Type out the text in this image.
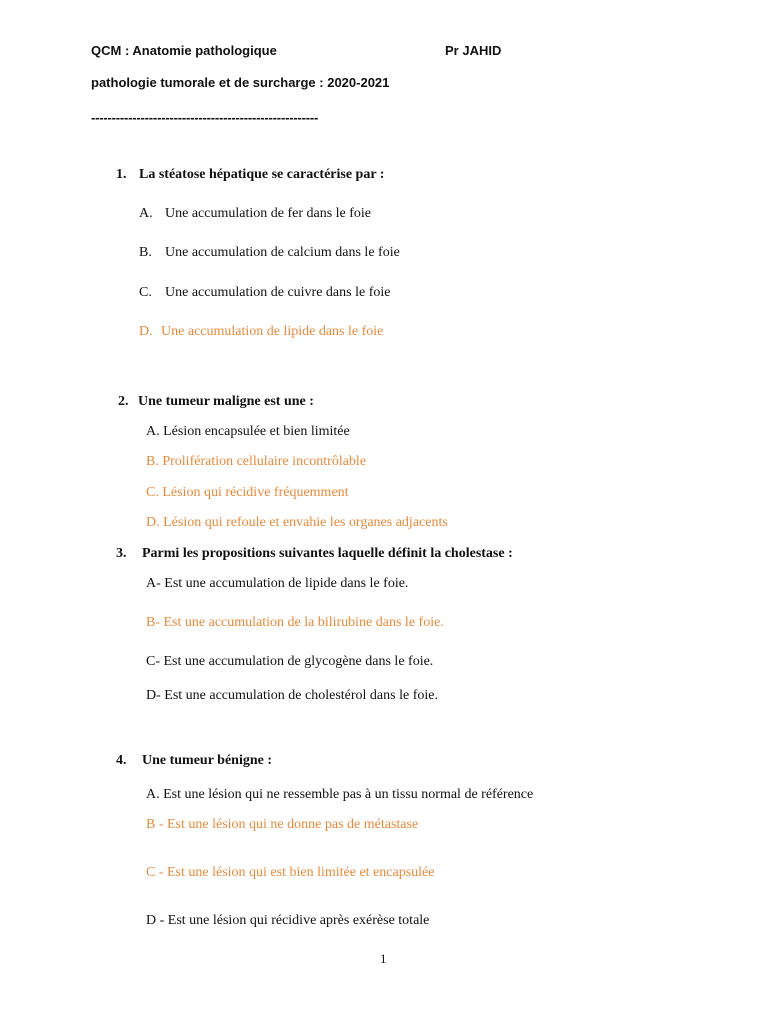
QCM : Anatomie pathologique	Pr JAHID
pathologie tumorale et de surcharge : 2020-2021
-------------------------------------------------------
1. La stéatose hépatique se caractérise par :
A. Une accumulation de fer dans le foie
B. Une accumulation de calcium dans le foie
C. Une accumulation de cuivre dans le foie
D. Une accumulation de lipide dans le foie
2. Une tumeur maligne est une :
A. Lésion encapsulée et bien limitée
B. Prolifération cellulaire incontrôlable
C. Lésion qui récidive fréquemment
D. Lésion qui refoule et envahie les organes adjacents
3. Parmi les propositions suivantes laquelle définit la cholestase :
A- Est une accumulation de lipide dans le foie.
B- Est une accumulation de la bilirubine dans le foie.
C- Est une accumulation de glycogène dans le foie.
D- Est une accumulation de cholestérol dans le foie.
4. Une tumeur bénigne :
A. Est une lésion qui ne ressemble pas à un tissu normal de référence
B - Est une lésion qui ne donne pas de métastase
C - Est une lésion qui est bien limitée et encapsulée
D - Est une lésion qui récidive après exérèse totale
1
